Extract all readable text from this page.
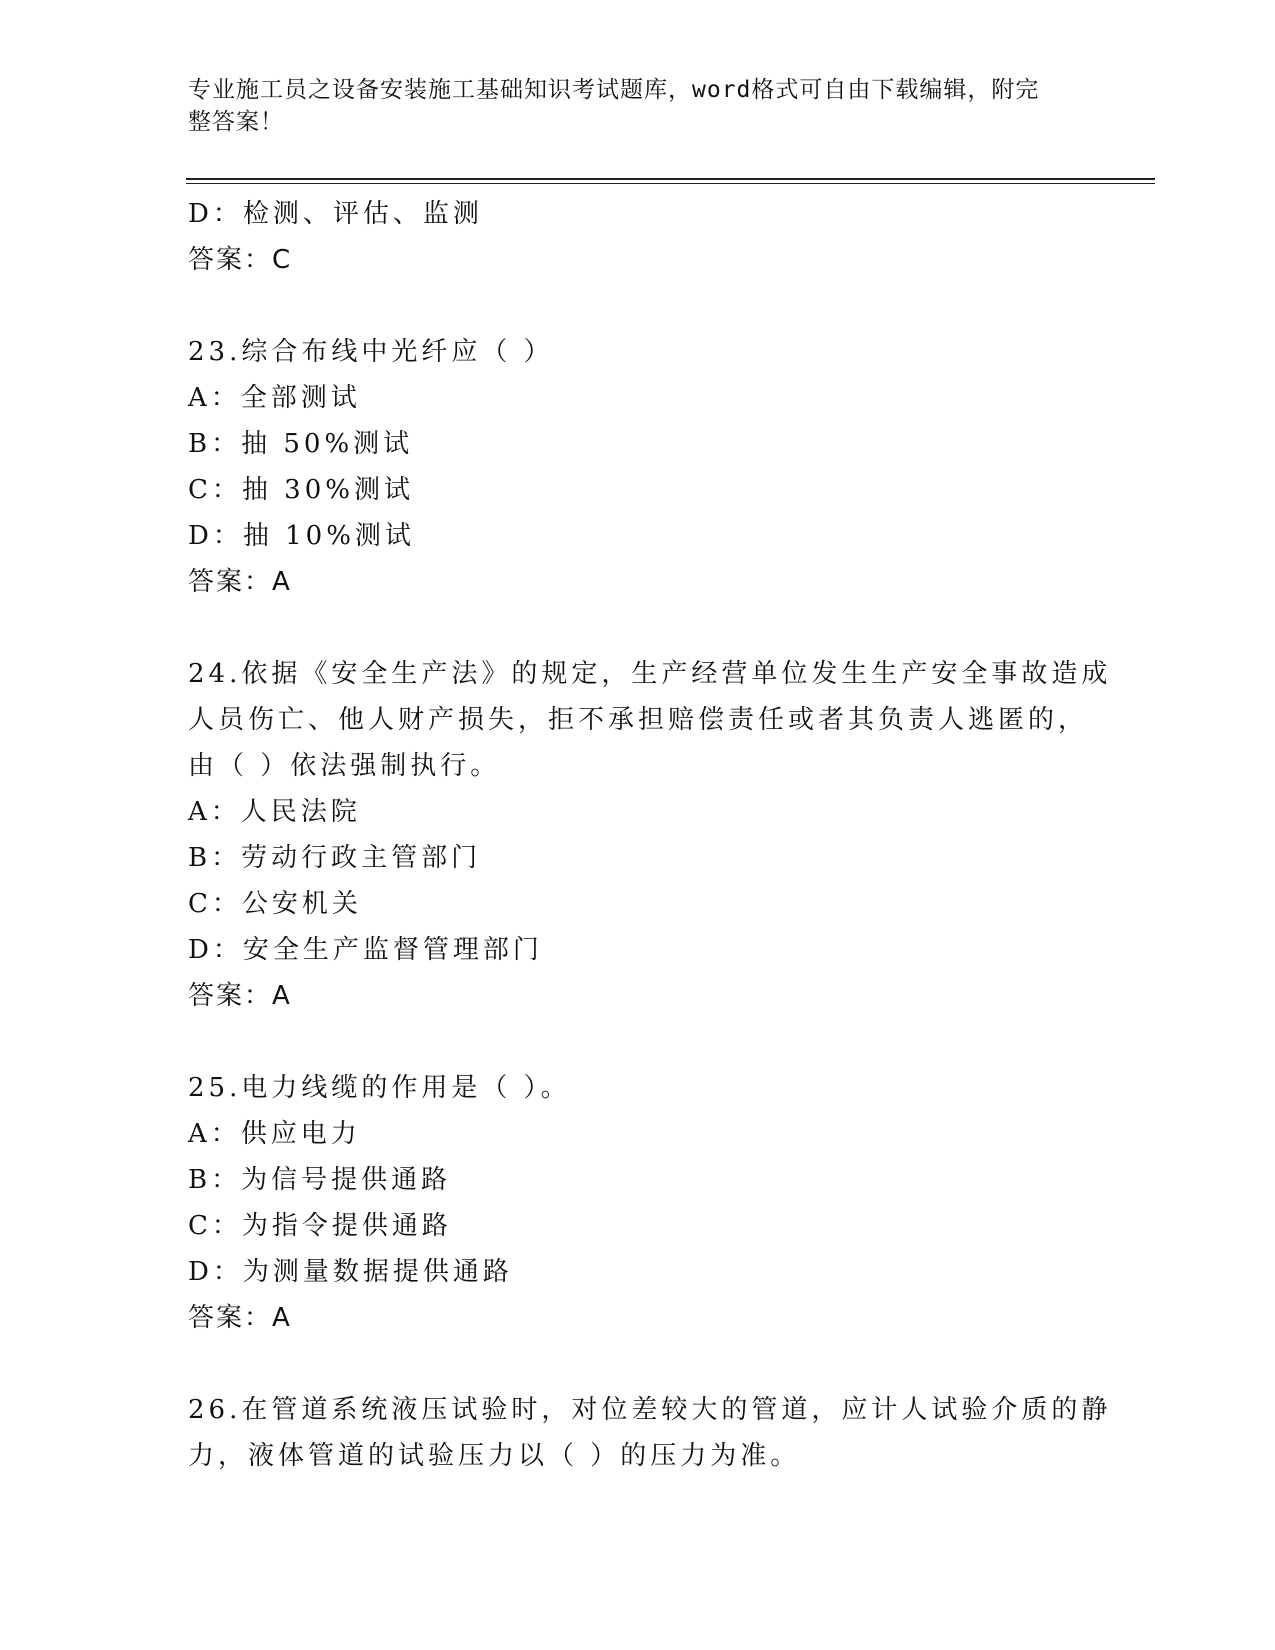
专业施工员之设备安装施工基础知识考试题库，word格式可自由下载编辑，附完
整答案！
D：检测、评估、监测
答案：C
23.综合布线中光纤应（ ）
A：全部测试
B：抽 50%测试
C：抽 30%测试
D：抽 10%测试
答案：A
24.依据《安全生产法》的规定，生产经营单位发生生产安全事故造成
人员伤亡、他人财产损失，拒不承担赔偿责任或者其负责人逃匿的，
由（ ）依法强制执行。
A：人民法院
B：劳动行政主管部门
C：公安机关
D：安全生产监督管理部门
答案：A
25.电力线缆的作用是（ ）。
A：供应电力
B：为信号提供通路
C：为指令提供通路
D：为测量数据提供通路
答案：A
26.在管道系统液压试验时，对位差较大的管道，应计人试验介质的静
力，液体管道的试验压力以（ ）的压力为准。
